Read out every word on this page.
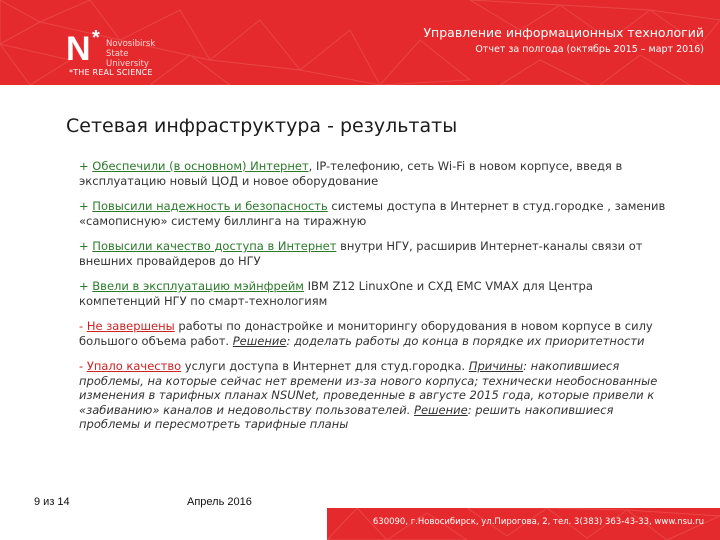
N * Novosibirsk
State
University
*THE REAL SCIENCE
Управление информационных технологий
Отчет за полгода (октябрь 2015 – март 2016)
Сетевая инфраструктура - результаты
+ Обеспечили (в основном) Интернет, IP-телефонию, сеть Wi-Fi в новом корпусе, введя в эксплуатацию новый ЦОД и новое оборудование
+ Повысили надежность и безопасность системы доступа в Интернет в студ.городке , заменив «самописную» систему биллинга на тиражную
+ Повысили качество доступа в Интернет внутри НГУ, расширив Интернет-каналы связи от внешних провайдеров до НГУ
+ Ввели в эксплуатацию мэйнфрейм IBM Z12 LinuxOne и СХД EMC VMAX для Центра компетенций НГУ по смарт-технологиям
- Не завершены работы по донастройке и мониторингу оборудования в новом корпусе в силу большого объема работ. Решение: доделать работы до конца в порядке их приоритетности
- Упало качество услуги доступа в Интернет для студ.городка. Причины: накопившиеся проблемы, на которые сейчас нет времени из-за нового корпуса; технически необоснованные изменения в тарифных планах NSUNet, проведенные в августе 2015 года, которые привели к «забиванию» каналов и недовольству пользователей. Решение: решить накопившиеся проблемы и пересмотреть тарифные планы
9 из 14	Апрель 2016
630090, г.Новосибирск, ул.Пирогова, 2, тел. 3(383) 363-43-33, www.nsu.ru
